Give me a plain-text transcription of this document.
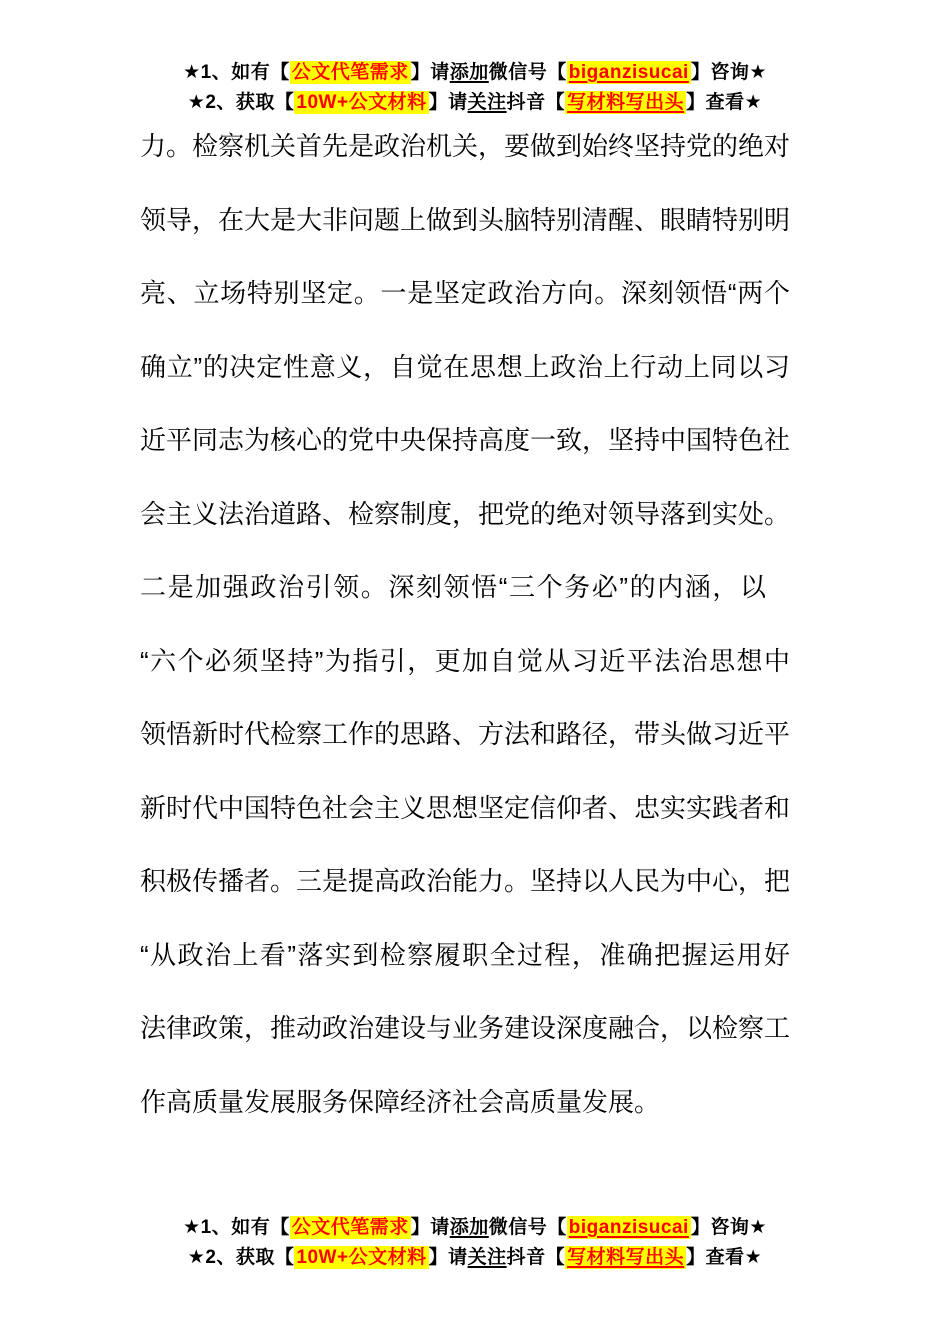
★1、如有【 公文代笔需求 】请添加微信号【 biganzisucai 】咨询★
★2、获取【 10W+公文材料 】请关注抖音【 写材料写出头 】查看★
力。检察机关首先是政治机关，要做到始终坚持党的绝对
领导，在大是大非问题上做到头脑特别清醒、眼睛特别明
亮、立场特别坚定。一是坚定政治方向。深刻领悟“两个
确立”的决定性意义，自觉在思想上政治上行动上同以习
近平同志为核心的党中央保持高度一致，坚持中国特色社
会主义法治道路、检察制度，把党的绝对领导落到实处。
二是加强政治引领。深刻领悟“三个务必”的内涵，以
“六个必须坚持”为指引，更加自觉从习近平法治思想中
领悟新时代检察工作的思路、方法和路径，带头做习近平
新时代中国特色社会主义思想坚定信仰者、忠实实践者和
积极传播者。三是提高政治能力。坚持以人民为中心，把
“从政治上看”落实到检察履职全过程，准确把握运用好
法律政策，推动政治建设与业务建设深度融合，以检察工
作高质量发展服务保障经济社会高质量发展。
★1、如有【 公文代笔需求 】请添加微信号【 biganzisucai 】咨询★
★2、获取【 10W+公文材料 】请关注抖音【 写材料写出头 】查看★
